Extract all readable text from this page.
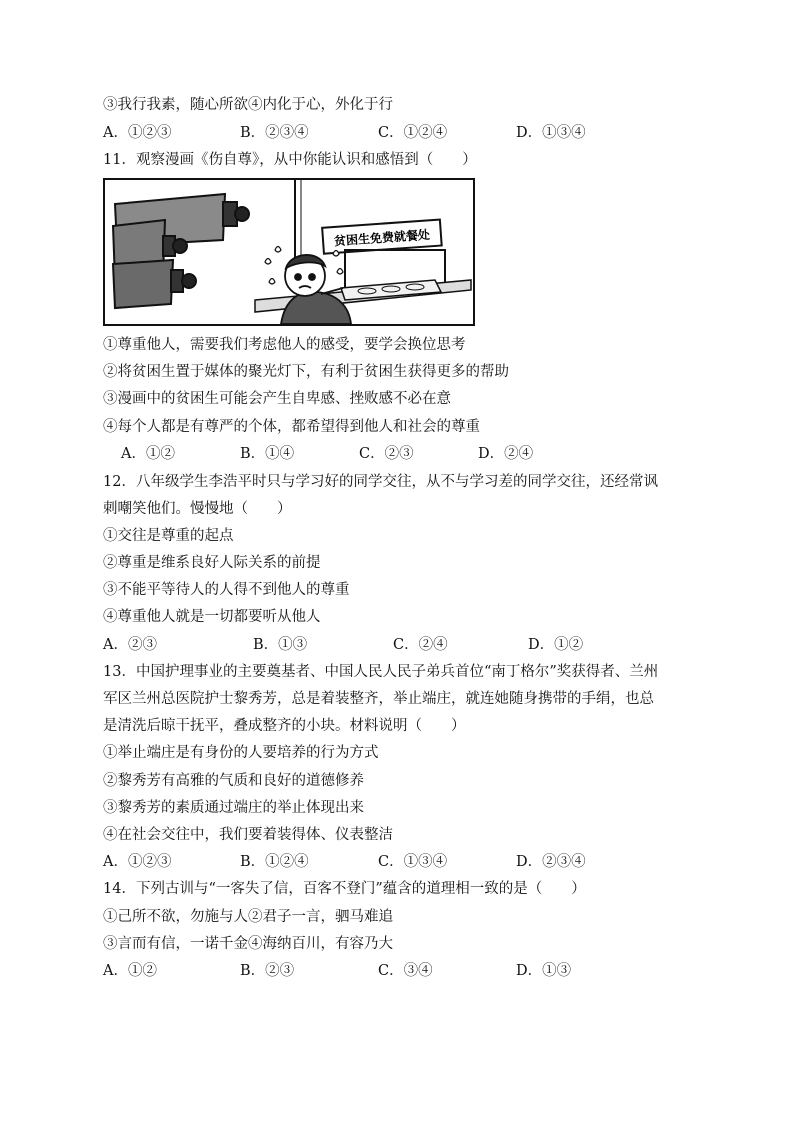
③我行我素，随心所欲④内化于心，外化于行
A．①②③	B．②③④	C．①②④	D．①③④
11．观察漫画《伤自尊》，从中你能认识和感悟到（　　）
贫困生免费就餐处
①尊重他人，需要我们考虑他人的感受，要学会换位思考
②将贫困生置于媒体的聚光灯下，有利于贫困生获得更多的帮助
③漫画中的贫困生可能会产生自卑感、挫败感不必在意
④每个人都是有尊严的个体，都希望得到他人和社会的尊重
A．①②	B．①④	C．②③	D．②④
12．八年级学生李浩平时只与学习好的同学交往，从不与学习差的同学交往，还经常讽
刺嘲笑他们。慢慢地（　　）
①交往是尊重的起点
②尊重是维系良好人际关系的前提
③不能平等待人的人得不到他人的尊重
④尊重他人就是一切都要听从他人
A．②③	B．①③	C．②④	D．①②
13．中国护理事业的主要奠基者、中国人民人民子弟兵首位“南丁格尔”奖获得者、兰州
军区兰州总医院护士黎秀芳，总是着装整齐，举止端庄，就连她随身携带的手绢，也总
是清洗后晾干抚平，叠成整齐的小块。材料说明（　　）
①举止端庄是有身份的人要培养的行为方式
②黎秀芳有高雅的气质和良好的道德修养
③黎秀芳的素质通过端庄的举止体现出来
④在社会交往中，我们要着装得体、仪表整洁
A．①②③	B．①②④	C．①③④	D．②③④
14．下列古训与“一客失了信，百客不登门”蕴含的道理相一致的是（　　）
①己所不欲，勿施与人②君子一言，驷马难追
③言而有信，一诺千金④海纳百川，有容乃大
A．①②	B．②③	C．③④	D．①③
